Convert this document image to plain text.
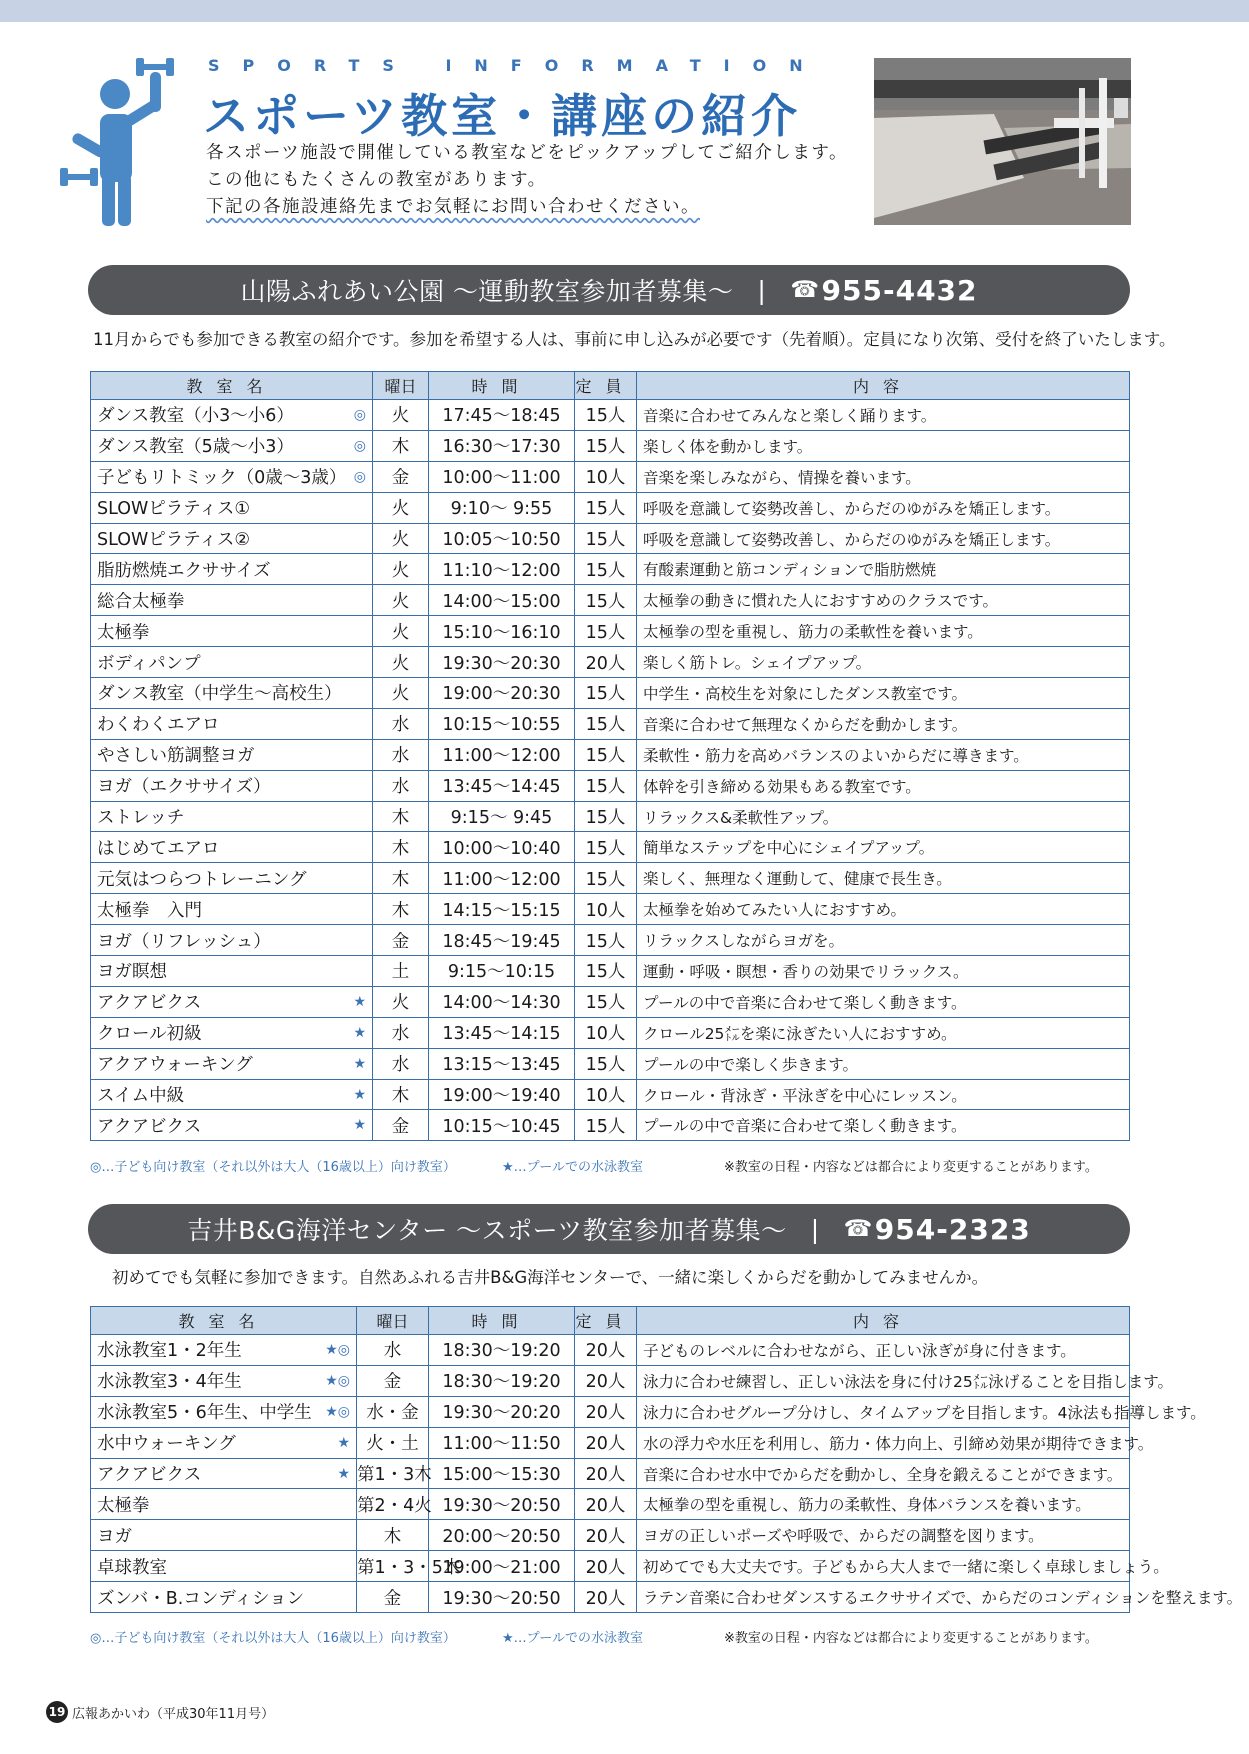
SPORTS INFORMATION
スポーツ教室・講座の紹介
各スポーツ施設で開催している教室などをピックアップしてご紹介します。
この他にもたくさんの教室があります。
下記の各施設連絡先までお気軽にお問い合わせください。
山陽ふれあい公園 ～運動教室参加者募集～ | ☎ 955-4432
11月からでも参加できる教室の紹介です。参加を希望する人は、事前に申し込みが必要です（先着順）。定員になり次第、受付を終了いたします。
教室名	曜日	時間	定員	内容
ダンス教室（小3～小6） ◎	火	17:45～18:45	15人	音楽に合わせてみんなと楽しく踊ります。
ダンス教室（5歳～小3） ◎	木	16:30～17:30	15人	楽しく体を動かします。
子どもリトミック（0歳～3歳） ◎	金	10:00～11:00	10人	音楽を楽しみながら、情操を養います。
SLOWピラティス①	火	9:10～ 9:55	15人	呼吸を意識して姿勢改善し、からだのゆがみを矯正します。
SLOWピラティス②	火	10:05～10:50	15人	呼吸を意識して姿勢改善し、からだのゆがみを矯正します。
脂肪燃焼エクササイズ	火	11:10～12:00	15人	有酸素運動と筋コンディションで脂肪燃焼
総合太極拳	火	14:00～15:00	15人	太極拳の動きに慣れた人におすすめのクラスです。
太極拳	火	15:10～16:10	15人	太極拳の型を重視し、筋力の柔軟性を養います。
ボディパンプ	火	19:30～20:30	20人	楽しく筋トレ。シェイプアップ。
ダンス教室（中学生～高校生）	火	19:00～20:30	15人	中学生・高校生を対象にしたダンス教室です。
わくわくエアロ	水	10:15～10:55	15人	音楽に合わせて無理なくからだを動かします。
やさしい筋調整ヨガ	水	11:00～12:00	15人	柔軟性・筋力を高めバランスのよいからだに導きます。
ヨガ（エクササイズ）	水	13:45～14:45	15人	体幹を引き締める効果もある教室です。
ストレッチ	木	9:15～ 9:45	15人	リラックス&柔軟性アップ。
はじめてエアロ	木	10:00～10:40	15人	簡単なステップを中心にシェイプアップ。
元気はつらつトレーニング	木	11:00～12:00	15人	楽しく、無理なく運動して、健康で長生き。
太極拳　入門	木	14:15～15:15	10人	太極拳を始めてみたい人におすすめ。
ヨガ（リフレッシュ）	金	18:45～19:45	15人	リラックスしながらヨガを。
ヨガ瞑想	土	9:15～10:15	15人	運動・呼吸・瞑想・香りの効果でリラックス。
アクアビクス ★	火	14:00～14:30	15人	プールの中で音楽に合わせて楽しく動きます。
クロール初級 ★	水	13:45～14:15	10人	クロール25㍍を楽に泳ぎたい人におすすめ。
アクアウォーキング ★	水	13:15～13:45	15人	プールの中で楽しく歩きます。
スイム中級 ★	木	19:00～19:40	10人	クロール・背泳ぎ・平泳ぎを中心にレッスン。
アクアビクス ★	金	10:15～10:45	15人	プールの中で音楽に合わせて楽しく動きます。
◎…子ども向け教室（それ以外は大人（16歳以上）向け教室）	★…プールでの水泳教室	※教室の日程・内容などは都合により変更することがあります。
吉井B&G海洋センター ～スポーツ教室参加者募集～ | ☎ 954-2323
初めてでも気軽に参加できます。自然あふれる吉井B&G海洋センターで、一緒に楽しくからだを動かしてみませんか。
教室名	曜日	時間	定員	内容
水泳教室1・2年生 ★◎	水	18:30～19:20	20人	子どものレベルに合わせながら、正しい泳ぎが身に付きます。
水泳教室3・4年生 ★◎	金	18:30～19:20	20人	泳力に合わせ練習し、正しい泳法を身に付け25㍍泳げることを目指します。
水泳教室5・6年生、中学生 ★◎	水・金	19:30～20:20	20人	泳力に合わせグループ分けし、タイムアップを目指します。4泳法も指導します。
水中ウォーキング ★	火・土	11:00～11:50	20人	水の浮力や水圧を利用し、筋力・体力向上、引締め効果が期待できます。
アクアビクス ★	第1・3木	15:00～15:30	20人	音楽に合わせ水中でからだを動かし、全身を鍛えることができます。
太極拳	第2・4火	19:30～20:50	20人	太極拳の型を重視し、筋力の柔軟性、身体バランスを養います。
ヨガ	木	20:00～20:50	20人	ヨガの正しいポーズや呼吸で、からだの調整を図ります。
卓球教室	第1・3・5木	19:00～21:00	20人	初めてでも大丈夫です。子どもから大人まで一緒に楽しく卓球しましょう。
ズンバ・B.コンディション	金	19:30～20:50	20人	ラテン音楽に合わせダンスするエクササイズで、からだのコンディションを整えます。
◎…子ども向け教室（それ以外は大人（16歳以上）向け教室）	★…プールでの水泳教室	※教室の日程・内容などは都合により変更することがあります。
19 広報あかいわ（平成30年11月号）
